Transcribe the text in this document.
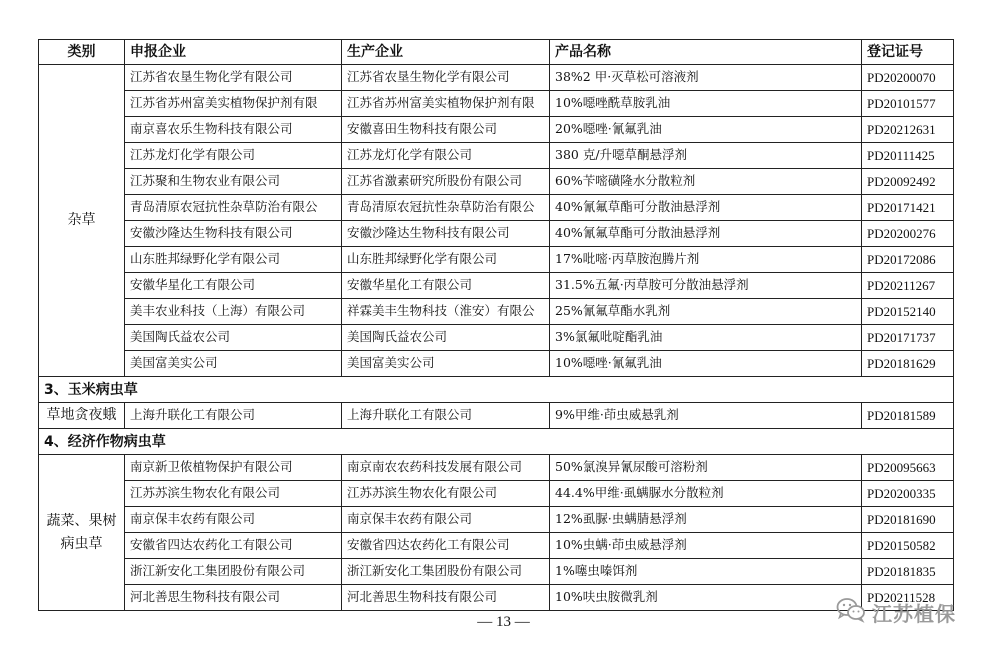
类别	申报企业	生产企业	产品名称	登记证号
杂草	江苏省农垦生物化学有限公司	江苏省农垦生物化学有限公司	38%2 甲·灭草松可溶液剂	PD20200070
	江苏省苏州富美实植物保护剂有限	江苏省苏州富美实植物保护剂有限	10%噁唑酰草胺乳油	PD20101577
	南京喜农乐生物科技有限公司	安徽喜田生物科技有限公司	20%噁唑·氰氟乳油	PD20212631
	江苏龙灯化学有限公司	江苏龙灯化学有限公司	380 克/升噁草酮悬浮剂	PD20111425
	江苏聚和生物农业有限公司	江苏省激素研究所股份有限公司	60%苄嘧磺隆水分散粒剂	PD20092492
	青岛清原农冠抗性杂草防治有限公	青岛清原农冠抗性杂草防治有限公	40%氰氟草酯可分散油悬浮剂	PD20171421
	安徽沙隆达生物科技有限公司	安徽沙隆达生物科技有限公司	40%氰氟草酯可分散油悬浮剂	PD20200276
	山东胜邦绿野化学有限公司	山东胜邦绿野化学有限公司	17%吡嘧·丙草胺泡腾片剂	PD20172086
	安徽华星化工有限公司	安徽华星化工有限公司	31.5%五氟·丙草胺可分散油悬浮剂	PD20211267
	美丰农业科技（上海）有限公司	祥霖美丰生物科技（淮安）有限公	25%氰氟草酯水乳剂	PD20152140
	美国陶氏益农公司	美国陶氏益农公司	3%氯氟吡啶酯乳油	PD20171737
	美国富美实公司	美国富美实公司	10%噁唑·氰氟乳油	PD20181629
3、玉米病虫草				
草地贪夜蛾	上海升联化工有限公司	上海升联化工有限公司	9%甲维·茚虫威悬乳剂	PD20181589
4、经济作物病虫草				
蔬菜、果树病虫草	南京新卫侬植物保护有限公司	南京南农农药科技发展有限公司	50%氯溴异氰尿酸可溶粉剂	PD20095663
	江苏苏滨生物农化有限公司	江苏苏滨生物农化有限公司	44.4%甲维·虱螨脲水分散粒剂	PD20200335
	南京保丰农药有限公司	南京保丰农药有限公司	12%虱脲·虫螨腈悬浮剂	PD20181690
	安徽省四达农药化工有限公司	安徽省四达农药化工有限公司	10%虫螨·茚虫威悬浮剂	PD20150582
	浙江新安化工集团股份有限公司	浙江新安化工集团股份有限公司	1%噻虫嗪饵剂	PD20181835
	河北善思生物科技有限公司	河北善思生物科技有限公司	10%呋虫胺微乳剂	PD20211528
— 13 —	江苏植保
